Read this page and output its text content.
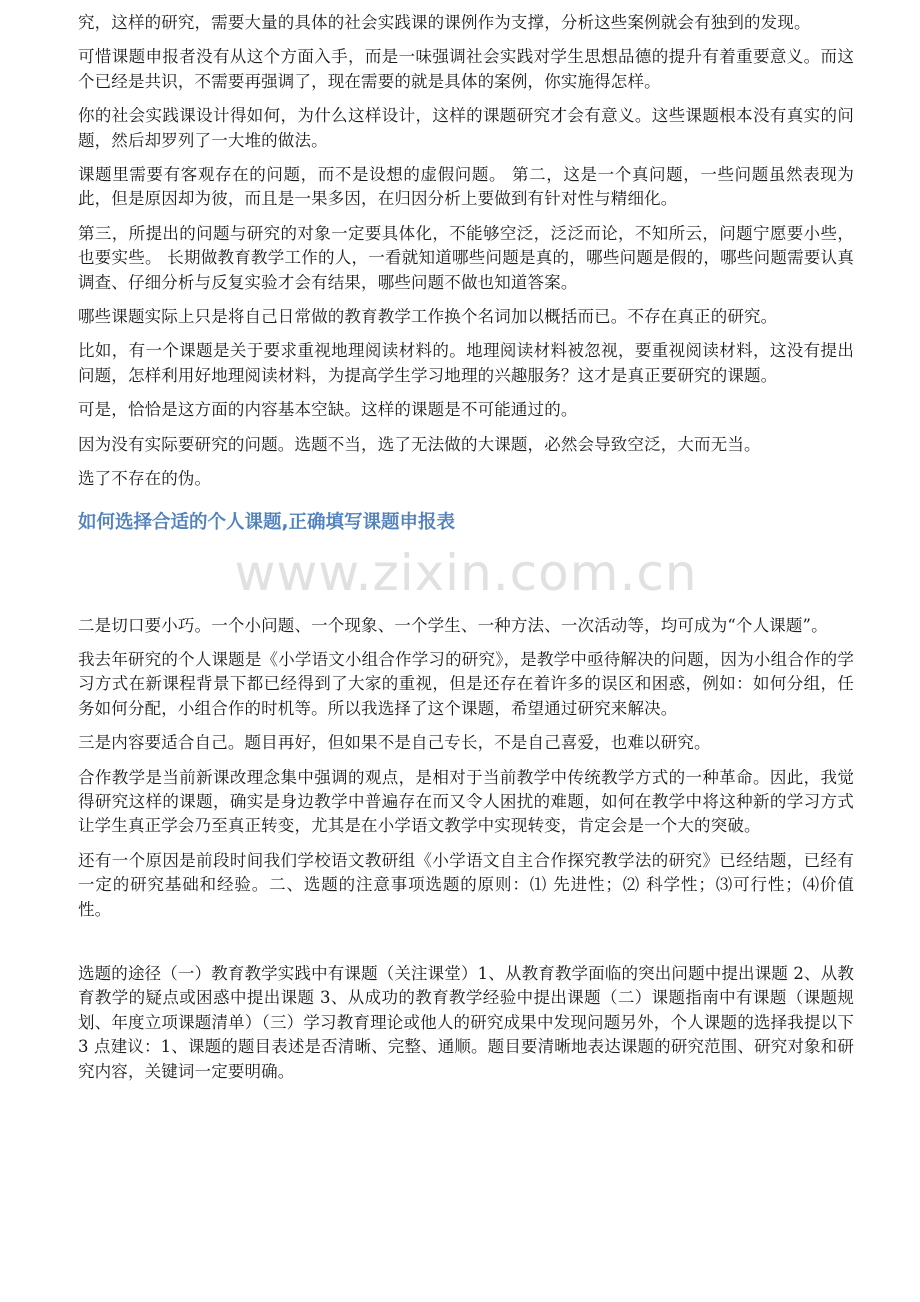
究，这样的研究，需要大量的具体的社会实践课的课例作为支撑，分析这些案例就会有独到的发现。

可惜课题申报者没有从这个方面入手，而是一味强调社会实践对学生思想品德的提升有着重要意义。而这个已经是共识，不需要再强调了，现在需要的就是具体的案例，你实施得怎样。

你的社会实践课设计得如何，为什么这样设计，这样的课题研究才会有意义。这些课题根本没有真实的问题，然后却罗列了一大堆的做法。

课题里需要有客观存在的问题，而不是设想的虚假问题。 第二，这是一个真问题，一些问题虽然表现为此，但是原因却为彼，而且是一果多因，在归因分析上要做到有针对性与精细化。

第三，所提出的问题与研究的对象一定要具体化，不能够空泛，泛泛而论，不知所云，问题宁愿要小些，也要实些。 长期做教育教学工作的人，一看就知道哪些问题是真的，哪些问题是假的，哪些问题需要认真调查、仔细分析与反复实验才会有结果，哪些问题不做也知道答案。

哪些课题实际上只是将自己日常做的教育教学工作换个名词加以概括而已。不存在真正的研究。

比如，有一个课题是关于要求重视地理阅读材料的。地理阅读材料被忽视，要重视阅读材料，这没有提出问题，怎样利用好地理阅读材料，为提高学生学习地理的兴趣服务？这才是真正要研究的课题。

可是，恰恰是这方面的内容基本空缺。这样的课题是不可能通过的。

因为没有实际要研究的问题。选题不当，选了无法做的大课题，必然会导致空泛，大而无当。

选了不存在的伪。

如何选择合适的个人课题,正确填写课题申报表
www.zixin.com.cn

二是切口要小巧。一个小问题、一个现象、一个学生、一种方法、一次活动等，均可成为“个人课题”。

我去年研究的个人课题是《小学语文小组合作学习的研究》，是教学中亟待解决的问题，因为小组合作的学习方式在新课程背景下都已经得到了大家的重视，但是还存在着许多的误区和困惑，例如：如何分组，任务如何分配，小组合作的时机等。所以我选择了这个课题，希望通过研究来解决。

三是内容要适合自己。题目再好，但如果不是自己专长，不是自己喜爱，也难以研究。

合作教学是当前新课改理念集中强调的观点，是相对于当前教学中传统教学方式的一种革命。因此，我觉得研究这样的课题，确实是身边教学中普遍存在而又令人困扰的难题，如何在教学中将这种新的学习方式让学生真正学会乃至真正转变，尤其是在小学语文教学中实现转变，肯定会是一个大的突破。

还有一个原因是前段时间我们学校语文教研组《小学语文自主合作探究教学法的研究》已经结题，已经有一定的研究基础和经验。二、选题的注意事项选题的原则：⑴ 先进性；⑵ 科学性；⑶可行性；⑷价值性。

选题的途径（一）教育教学实践中有课题（关注课堂）1、从教育教学面临的突出问题中提出课题 2、从教育教学的疑点或困惑中提出课题 3、从成功的教育教学经验中提出课题（二）课题指南中有课题（课题规划、年度立项课题清单）（三）学习教育理论或他人的研究成果中发现问题另外，个人课题的选择我提以下 3 点建议：1、课题的题目表述是否清晰、完整、通顺。题目要清晰地表达课题的研究范围、研究对象和研究内容，关键词一定要明确。
